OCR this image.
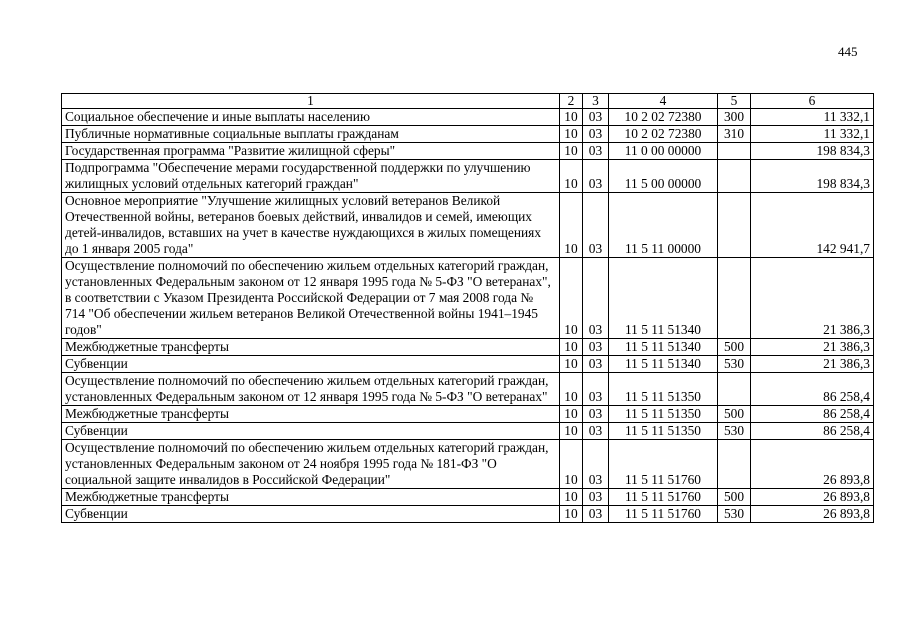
445
1	2	3	4	5	6
Социальное обеспечение и иные выплаты населению	10	03	10 2 02 72380	300	11 332,1
Публичные нормативные социальные выплаты гражданам	10	03	10 2 02 72380	310	11 332,1
Государственная программа "Развитие жилищной сферы"	10	03	11 0 00 00000		198 834,3
Подпрограмма "Обеспечение мерами государственной поддержки по улучшению жилищных условий отдельных категорий граждан"	10	03	11 5 00 00000		198 834,3
Основное мероприятие "Улучшение жилищных условий ветеранов Великой Отечественной войны, ветеранов боевых действий, инвалидов и семей, имеющих детей-инвалидов, вставших на учет в качестве нуждающихся в жилых помещениях до 1 января 2005 года"	10	03	11 5 11 00000		142 941,7
Осуществление полномочий по обеспечению жильем отдельных категорий граждан, установленных Федеральным законом от 12 января 1995 года № 5-ФЗ "О ветеранах", в соответствии с Указом Президента Российской Федерации от 7 мая 2008 года № 714 "Об обеспечении жильем ветеранов Великой Отечественной войны 1941–1945 годов"	10	03	11 5 11 51340		21 386,3
Межбюджетные трансферты	10	03	11 5 11 51340	500	21 386,3
Субвенции	10	03	11 5 11 51340	530	21 386,3
Осуществление полномочий по обеспечению жильем отдельных категорий граждан, установленных Федеральным законом от 12 января 1995 года № 5-ФЗ "О ветеранах"	10	03	11 5 11 51350		86 258,4
Межбюджетные трансферты	10	03	11 5 11 51350	500	86 258,4
Субвенции	10	03	11 5 11 51350	530	86 258,4
Осуществление полномочий по обеспечению жильем отдельных категорий граждан, установленных Федеральным законом от 24 ноября 1995 года № 181-ФЗ "О социальной защите инвалидов в Российской Федерации"	10	03	11 5 11 51760		26 893,8
Межбюджетные трансферты	10	03	11 5 11 51760	500	26 893,8
Субвенции	10	03	11 5 11 51760	530	26 893,8
